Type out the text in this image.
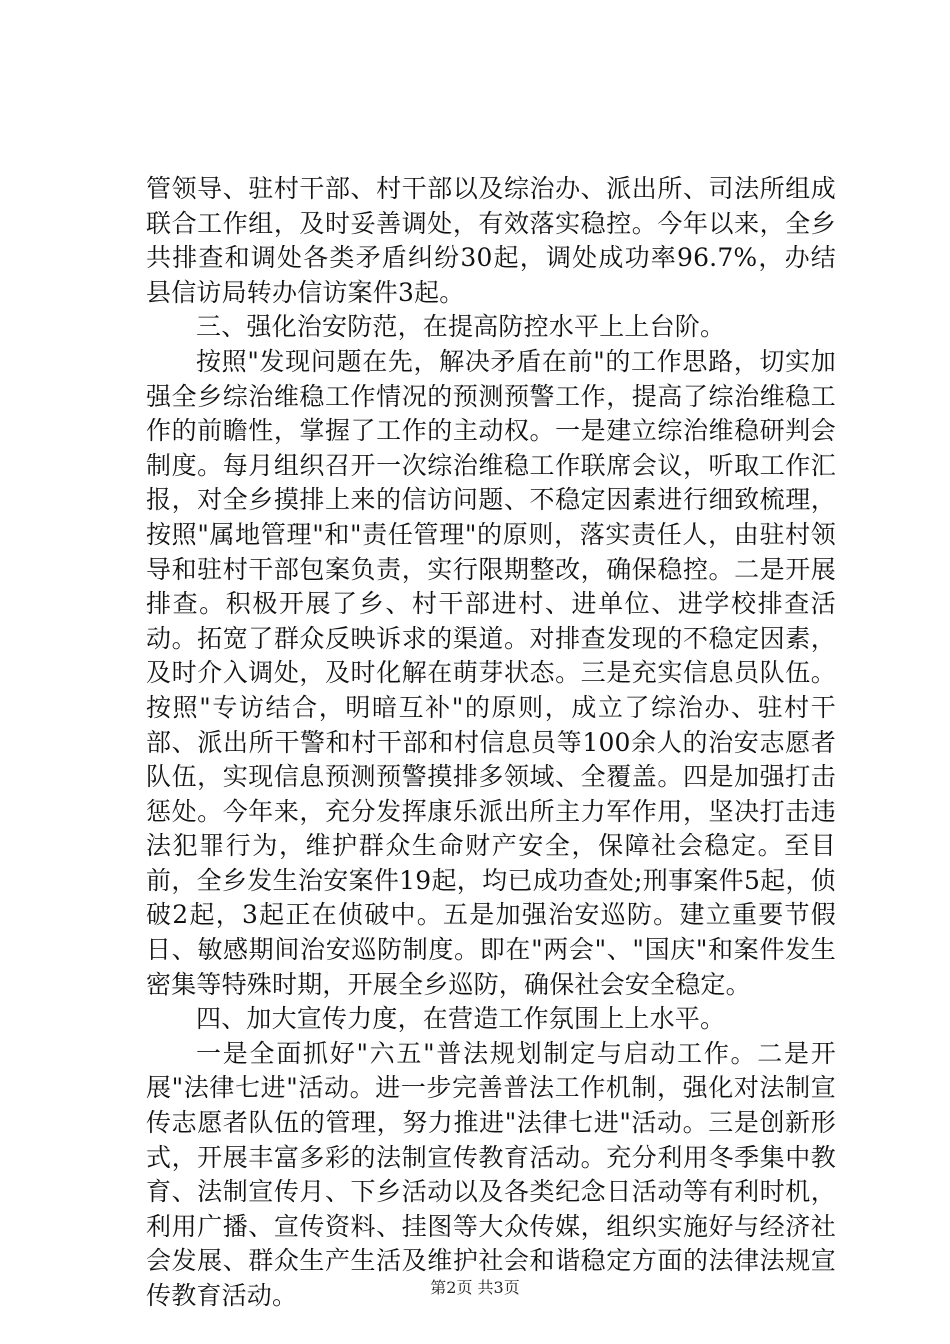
管领导、驻村干部、村干部以及综治办、派出所、司法所组成联合工作组，及时妥善调处，有效落实稳控。今年以来，全乡共排查和调处各类矛盾纠纷30起，调处成功率96.7%，办结县信访局转办信访案件3起。

三、强化治安防范，在提高防控水平上上台阶。

按照"发现问题在先，解决矛盾在前"的工作思路，切实加强全乡综治维稳工作情况的预测预警工作，提高了综治维稳工作的前瞻性，掌握了工作的主动权。一是建立综治维稳研判会制度。每月组织召开一次综治维稳工作联席会议，听取工作汇报，对全乡摸排上来的信访问题、不稳定因素进行细致梳理，按照"属地管理"和"责任管理"的原则，落实责任人，由驻村领导和驻村干部包案负责，实行限期整改，确保稳控。二是开展排查。积极开展了乡、村干部进村、进单位、进学校排查活动。拓宽了群众反映诉求的渠道。对排查发现的不稳定因素，及时介入调处，及时化解在萌芽状态。三是充实信息员队伍。按照"专访结合，明暗互补"的原则，成立了综治办、驻村干部、派出所干警和村干部和村信息员等100余人的治安志愿者队伍，实现信息预测预警摸排多领域、全覆盖。四是加强打击惩处。今年来，充分发挥康乐派出所主力军作用，坚决打击违法犯罪行为，维护群众生命财产安全，保障社会稳定。至目前，全乡发生治安案件19起，均已成功查处;刑事案件5起，侦破2起，3起正在侦破中。五是加强治安巡防。建立重要节假日、敏感期间治安巡防制度。即在"两会"、"国庆"和案件发生密集等特殊时期，开展全乡巡防，确保社会安全稳定。

四、加大宣传力度，在营造工作氛围上上水平。

一是全面抓好"六五"普法规划制定与启动工作。二是开展"法律七进"活动。进一步完善普法工作机制，强化对法制宣传志愿者队伍的管理，努力推进"法律七进"活动。三是创新形式，开展丰富多彩的法制宣传教育活动。充分利用冬季集中教育、法制宣传月、下乡活动以及各类纪念日活动等有利时机，利用广播、宣传资料、挂图等大众传媒，组织实施好与经济社会发展、群众生产生活及维护社会和谐稳定方面的法律法规宣传教育活动。	第2页 共3页
